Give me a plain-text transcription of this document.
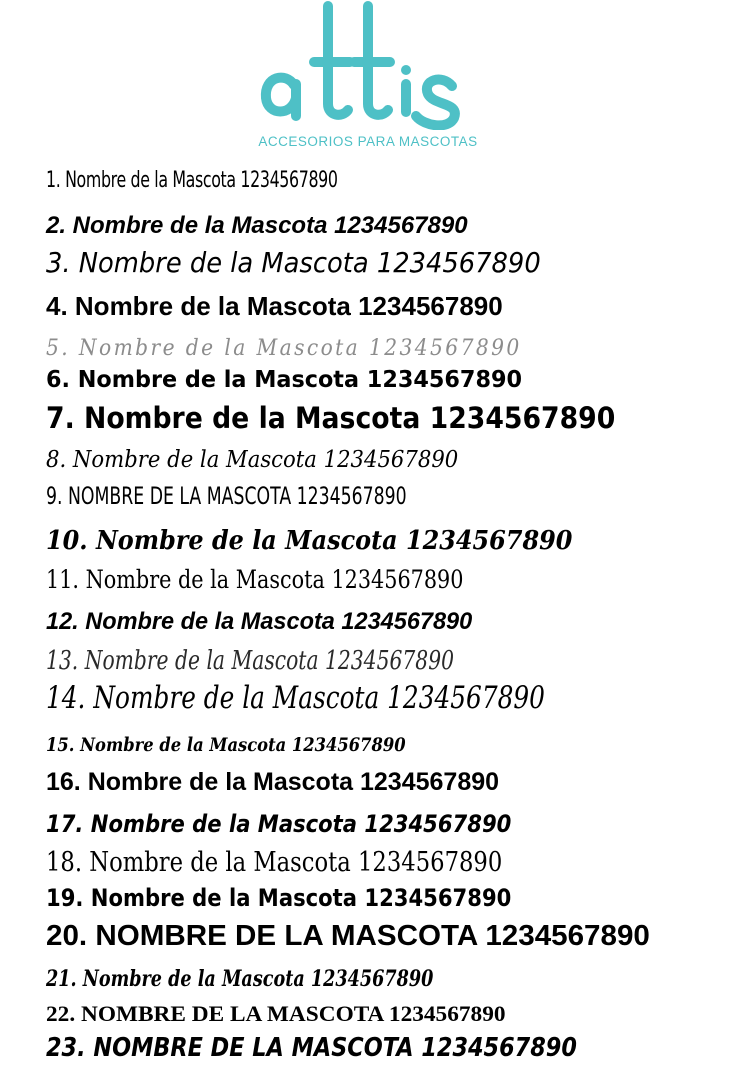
ACCESORIOS PARA MASCOTAS
1. Nombre de la Mascota 1234567890
2. Nombre de la Mascota 1234567890
3. Nombre de la Mascota 1234567890
4. Nombre de la Mascota 1234567890
5. Nombre de la Mascota 1234567890
6. Nombre de la Mascota 1234567890
7. Nombre de la Mascota 1234567890
8. Nombre de la Mascota 1234567890
9. NOMBRE DE LA MASCOTA 1234567890
10. Nombre de la Mascota 1234567890
11. Nombre de la Mascota 1234567890
12. Nombre de la Mascota 1234567890
13. Nombre de la Mascota 1234567890
14. Nombre de la Mascota 1234567890
15. Nombre de la Mascota 1234567890
16. Nombre de la Mascota 1234567890
17. Nombre de la Mascota 1234567890
18. Nombre de la Mascota 1234567890
19. Nombre de la Mascota 1234567890
20. NOMBRE DE LA MASCOTA 1234567890
21. Nombre de la Mascota 1234567890
22. NOMBRE DE LA MASCOTA 1234567890
23. NOMBRE DE LA MASCOTA 1234567890
